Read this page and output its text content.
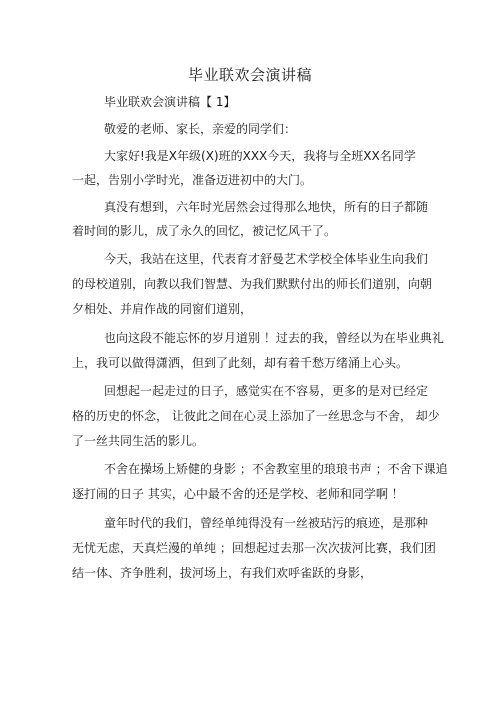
毕业联欢会演讲稿
毕业联欢会演讲稿【 1】
敬爱的老师、家长，亲爱的同学们：
大家好!我是X年级(X)班的XXX今天，我将与全班XX名同学
一起，告别小学时光，准备迈进初中的大门。
真没有想到，六年时光居然会过得那么地快，所有的日子都随
着时间的影儿，成了永久的回忆，被记忆风干了。
今天，我站在这里，代表育才舒曼艺术学校全体毕业生向我们
的母校道别，向教以我们智慧、为我们默默付出的师长们道别，向朝
夕相处、并肩作战的同窗们道别，
也向这段不能忘怀的岁月道别 ！过去的我，曾经以为在毕业典礼
上，我可以做得潇洒，但到了此刻，却有着千愁万绪涌上心头。
回想起一起走过的日子，感觉实在不容易，更多的是对已经定
格的历史的怀念， 让彼此之间在心灵上添加了一丝思念与不舍， 却少
了一丝共同生活的影儿。
不舍在操场上矫健的身影 ；不舍教室里的琅琅书声 ；不舍下课追
逐打闹的日子 其实，心中最不舍的还是学校、老师和同学啊 ！
童年时代的我们，曾经单纯得没有一丝被玷污的痕迹，是那种
无忧无虑，天真烂漫的单纯 ；回想起过去那一次次拔河比赛，我们团
结一体、齐争胜利，拔河场上，有我们欢呼雀跃的身影，
